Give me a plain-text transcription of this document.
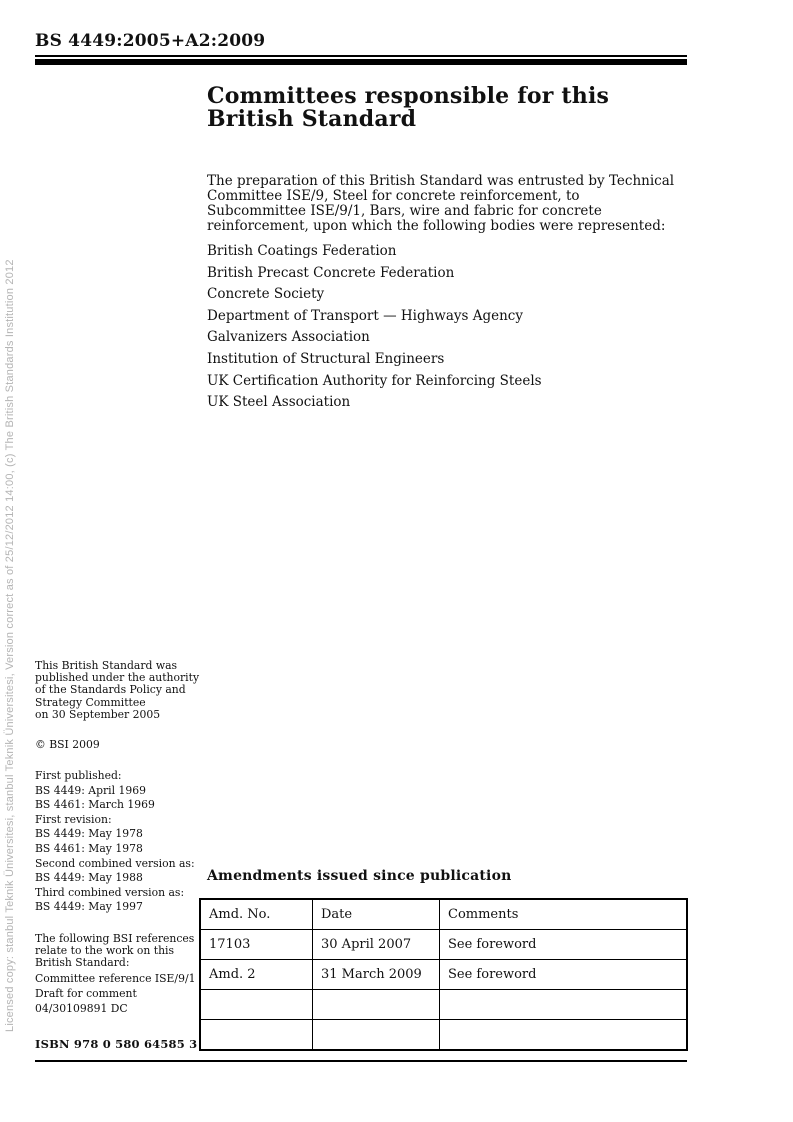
Licensed copy: stanbul Teknik Üniversitesi, stanbul Teknik Üniversitesi, Version correct as of 25/12/2012 14:00, (c) The British Standards Institution 2012
BS 4449:2005+A2:2009
Committees responsible for this
British Standard

The preparation of this British Standard was entrusted by Technical Committee ISE/9, Steel for concrete reinforcement, to Subcommittee ISE/9/1, Bars, wire and fabric for concrete reinforcement, upon which the following bodies were represented:

British Coatings Federation
British Precast Concrete Federation
Concrete Society
Department of Transport — Highways Agency
Galvanizers Association
Institution of Structural Engineers
UK Certification Authority for Reinforcing Steels
UK Steel Association
This British Standard was
published under the authority
of the Standards Policy and
Strategy Committee
on 30 September 2005
© BSI 2009
First published:
BS 4449: April 1969
BS 4461: March 1969
First revision:
BS 4449: May 1978
BS 4461: May 1978
Second combined version as:
BS 4449: May 1988
Third combined version as:
BS 4449: May 1997
The following BSI references
relate to the work on this
British Standard:
Committee reference ISE/9/1
Draft for comment
04/30109891 DC
ISBN 978 0 580 64585 3
Amendments issued since publication
Amd. No.	Date	Comments
17103	30 April 2007	See foreword
Amd. 2	31 March 2009	See foreword
